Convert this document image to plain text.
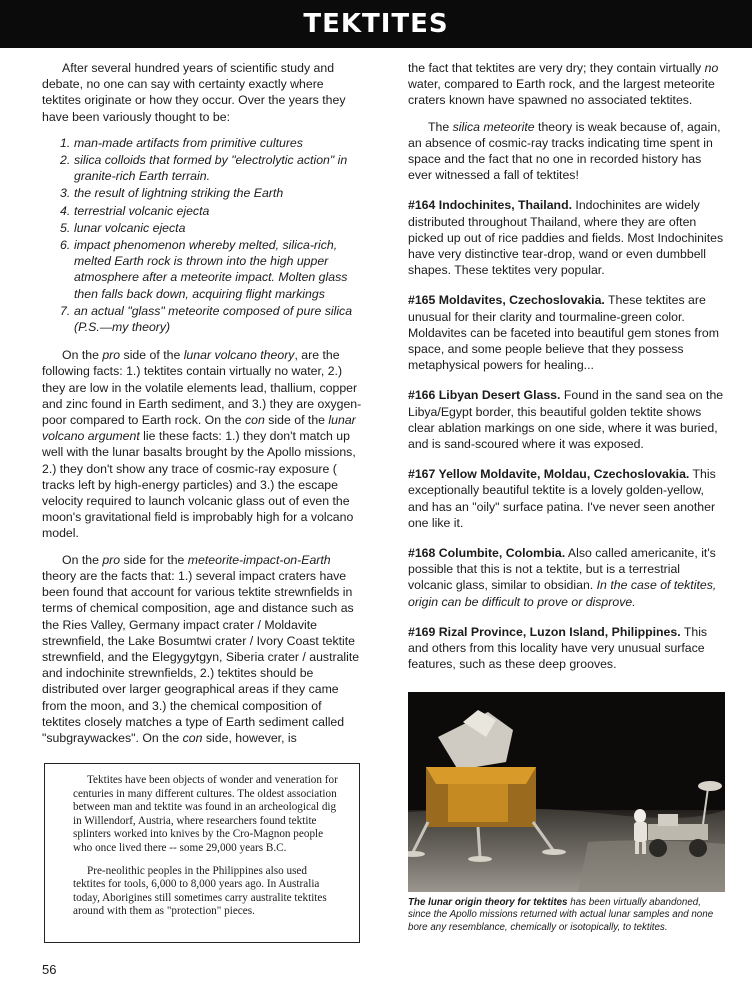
TEKTITES

After several hundred years of scientific study and debate, no one can say with certainty exactly where tektites originate or how they occur. Over the years they have been variously thought to be:

1. man-made artifacts from primitive cultures
2. silica colloids that formed by "electrolytic action" in granite-rich Earth terrain.
3. the result of lightning striking the Earth
4. terrestrial volcanic ejecta
5. lunar volcanic ejecta
6. impact phenomenon whereby melted, silica-rich, melted Earth rock is thrown into the high upper atmosphere after a meteorite impact. Molten glass then falls back down, acquiring flight markings
7. an actual "glass" meteorite composed of pure silica (P.S.—my theory)

On the pro side of the lunar volcano theory, are the following facts: 1.) tektites contain virtually no water, 2.) they are low in the volatile elements lead, thallium, copper and zinc found in Earth sediment, and 3.) they are oxygen-poor compared to Earth rock. On the con side of the lunar volcano argument lie these facts: 1.) they don't match up well with the lunar basalts brought by the Apollo missions, 2.) they don't show any trace of cosmic-ray exposure ( tracks left by high-energy particles) and 3.) the escape velocity required to launch volcanic glass out of even the moon's gravitational field is improbably high for a volcano model.

On the pro side for the meteorite-impact-on-Earth theory are the facts that: 1.) several impact craters have been found that account for various tektite strewnfields in terms of chemical composition, age and distance such as the Ries Valley, Germany impact crater / Moldavite strewnfield, the Lake Bosumtwi crater / Ivory Coast tektite strewnfield, and the Elegygytgyn, Siberia crater / australite and indochinite strewnfields, 2.) tektites should be distributed over larger geographical areas if they came from the moon, and 3.) the chemical composition of tektites closely matches a type of Earth sediment called "subgraywackes". On the con side, however, is

Tektites have been objects of wonder and veneration for centuries in many different cultures. The oldest association between man and tektite was found in an archeological dig in Willendorf, Austria, where researchers found tektite splinters worked into knives by the Cro-Magnon people who once lived there -- some 29,000 years B.C.

Pre-neolithic peoples in the Philippines also used tektites for tools, 6,000 to 8,000 years ago. In Australia today, Aborigines still sometimes carry australite tektites around with them as "protection" pieces.

the fact that tektites are very dry; they contain virtually no water, compared to Earth rock, and the largest meteorite craters known have spawned no associated tektites.

The silica meteorite theory is weak because of, again, an absence of cosmic-ray tracks indicating time spent in space and the fact that no one in recorded history has ever witnessed a fall of tektites!

#164 Indochinites, Thailand. Indochinites are widely distributed throughout Thailand, where they are often picked up out of rice paddies and fields. Most Indochinites have very distinctive tear-drop, wand or even dumbbell shapes. These tektites very popular.

#165 Moldavites, Czechoslovakia. These tektites are unusual for their clarity and tourmaline-green color. Moldavites can be faceted into beautiful gem stones from space, and some people believe that they possess metaphysical powers for healing...

#166 Libyan Desert Glass. Found in the sand sea on the Libya/Egypt border, this beautiful golden tektite shows clear ablation markings on one side, where it was buried, and is sand-scoured where it was exposed.

#167 Yellow Moldavite, Moldau, Czechoslovakia. This exceptionally beautiful tektite is a lovely golden-yellow, and has an "oily" surface patina. I've never seen another one like it.

#168 Columbite, Colombia. Also called americanite, it's possible that this is not a tektite, but is a terrestrial volcanic glass, similar to obsidian. In the case of tektites, origin can be difficult to prove or disprove.

#169 Rizal Province, Luzon Island, Philippines. This and others from this locality have very unusual surface features, such as these deep grooves.

The lunar origin theory for tektites has been virtually abandoned, since the Apollo missions returned with actual lunar samples and none bore any resemblance, chemically or isotopically, to tektites.
56
